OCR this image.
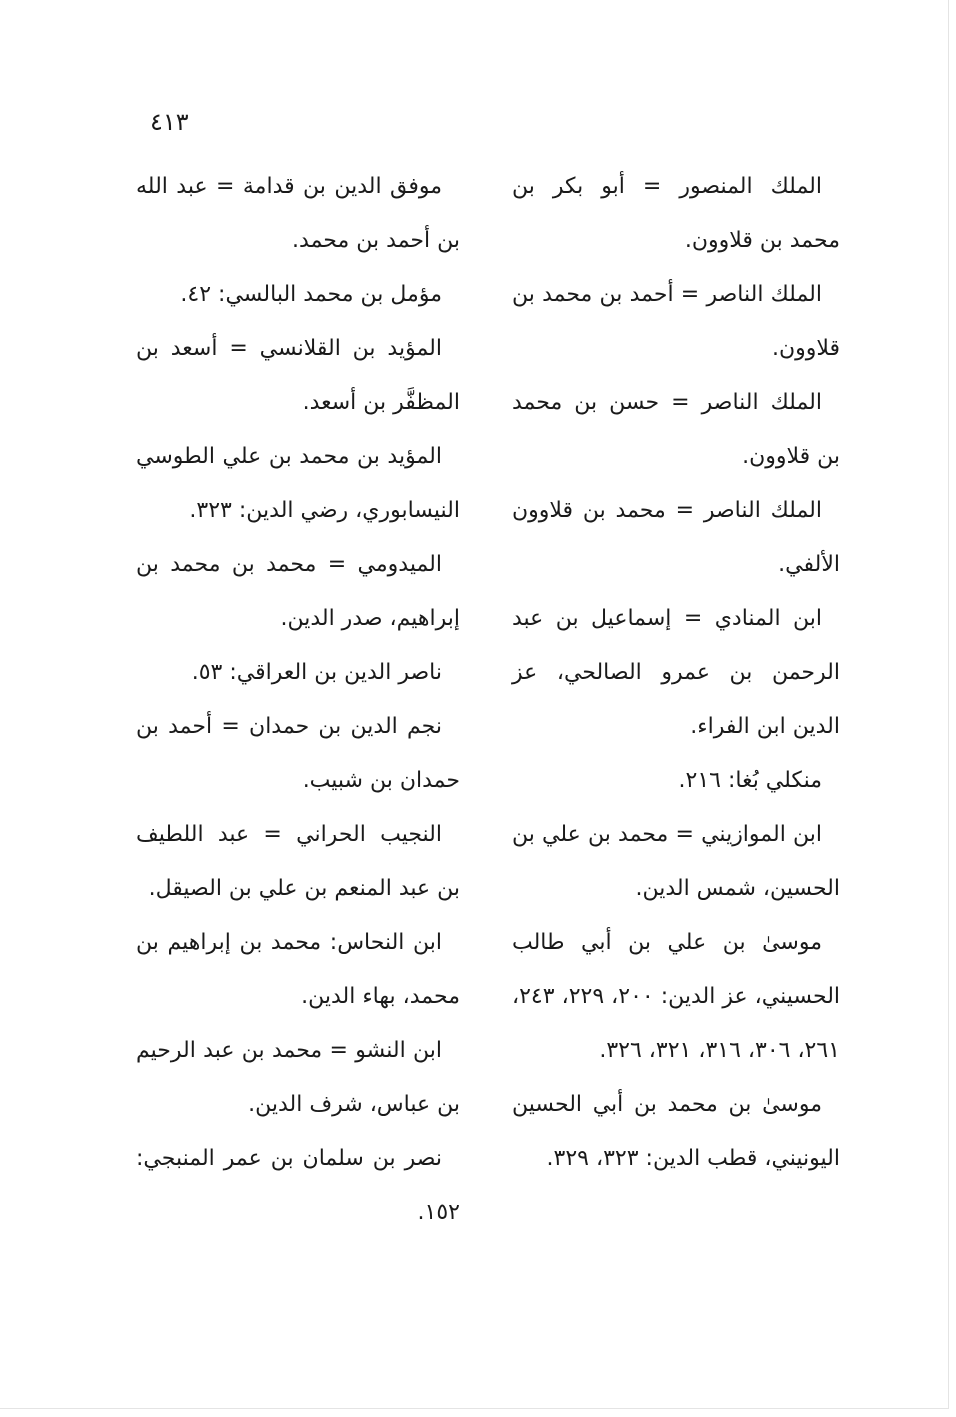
٤١٣

الملك المنصور = أبو بكر بن محمد بن قلاوون.

الملك الناصر = أحمد بن محمد بن قلاوون.

الملك الناصر = حسن بن محمد بن قلاوون.

الملك الناصر = محمد بن قلاوون الألفي.

ابن المنادي = إسماعيل بن عبد الرحمن بن عمرو الصالحي، عز الدين ابن الفراء.

منكلي بُغا: ٢١٦.

ابن الموازيني = محمد بن علي بن الحسين، شمس الدين.

موسىٰ بن علي بن أبي طالب الحسيني، عز الدين: ٢٠٠، ٢٢٩، ٢٤٣، ٢٦١، ٣٠٦، ٣١٦، ٣٢١، ٣٢٦.

موسىٰ بن محمد بن أبي الحسين اليونيني، قطب الدين: ٣٢٣، ٣٢٩.

موفق الدين بن قدامة = عبد الله بن أحمد بن محمد.

مؤمل بن محمد البالسي: ٤٢.

المؤيد بن القلانسي = أسعد بن المظفَّر بن أسعد.

المؤيد بن محمد بن علي الطوسي النيسابوري، رضي الدين: ٣٢٣.

الميدومي = محمد بن محمد بن إبراهيم، صدر الدين.

ناصر الدين بن العراقي: ٥٣.

نجم الدين بن حمدان = أحمد بن حمدان بن شبيب.

النجيب الحراني = عبد اللطيف بن عبد المنعم بن علي بن الصيقل.

ابن النحاس: محمد بن إبراهيم بن محمد، بهاء الدين.

ابن النشو = محمد بن عبد الرحيم بن عباس، شرف الدين.

نصر بن سلمان بن عمر المنبجي: ١٥٢.
